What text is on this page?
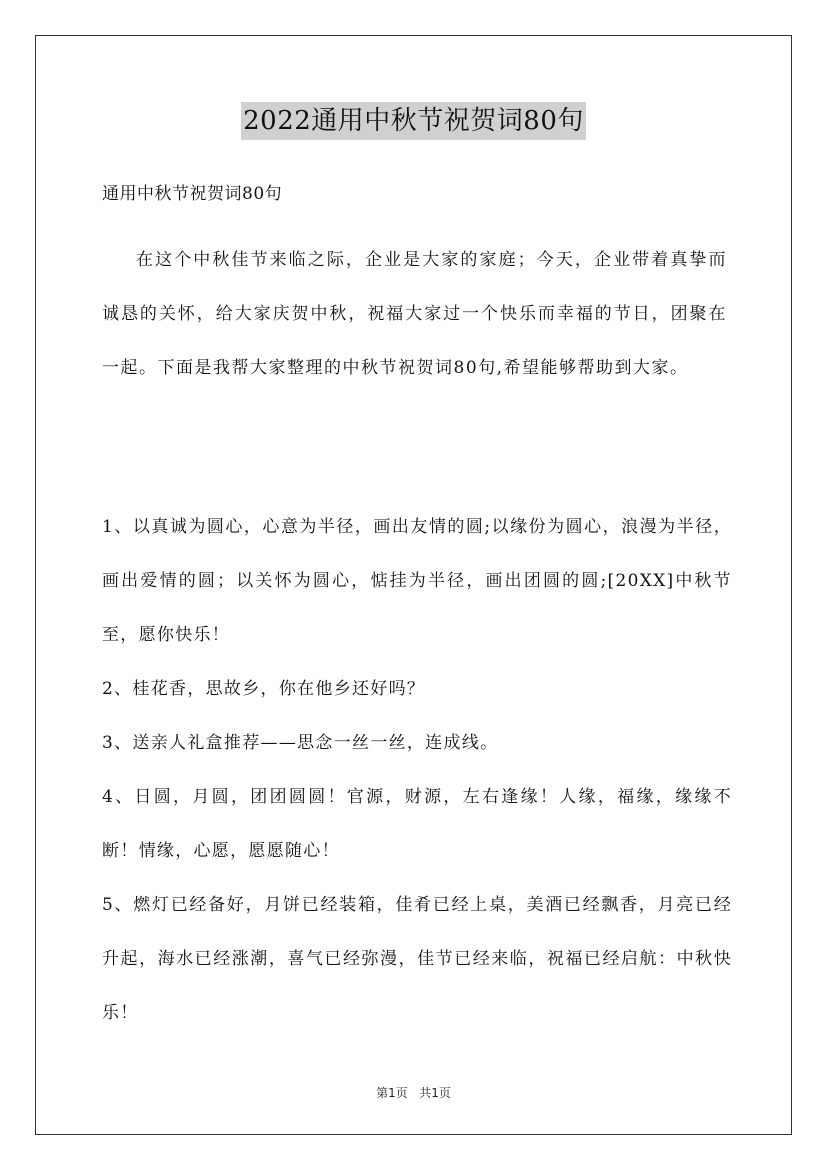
2022通用中秋节祝贺词80句
通用中秋节祝贺词80句

在这个中秋佳节来临之际，企业是大家的家庭；今天，企业带着真挚而诚恳的关怀，给大家庆贺中秋，祝福大家过一个快乐而幸福的节日，团聚在一起。下面是我帮大家整理的中秋节祝贺词80句,希望能够帮助到大家。

1、以真诚为圆心，心意为半径，画出友情的圆;以缘份为圆心，浪漫为半径，画出爱情的圆；以关怀为圆心，惦挂为半径，画出团圆的圆;[20XX]中秋节至，愿你快乐！
2、桂花香，思故乡，你在他乡还好吗？
3、送亲人礼盒推荐——思念一丝一丝，连成线。
4、日圆，月圆，团团圆圆！官源，财源，左右逢缘！人缘，福缘，缘缘不断！情缘，心愿，愿愿随心！
5、燃灯已经备好，月饼已经装箱，佳肴已经上桌，美酒已经飘香，月亮已经升起，海水已经涨潮，喜气已经弥漫，佳节已经来临，祝福已经启航：中秋快乐！
第1页 共1页
